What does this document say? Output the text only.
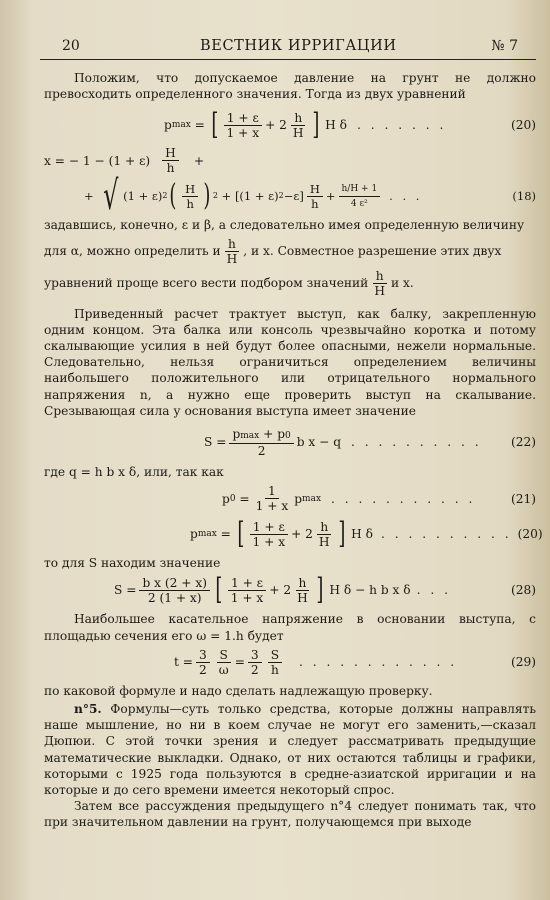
20	ВЕСТНИК ИРРИГАЦИИ	№ 7

Положим, что допускаемое давление на грунт не должно превосходить определенного значения. Тогда из двух уравнений

p max = [ $\frac{1 + \varepsilon}{1 + x} + 2 \frac{h}{H}$ ]
H δ . . . . . . .	(20)
x = − $1 - (1 + \varepsilon) \frac{H}{h}$ +
+ √ (1 + ε) 2 ( $\frac{H}{h}$ ) 2
+ [(1 + ε) $2 -\varepsilon] \frac{H}{h} + \frac{h/H + 1}{\text{4 ε²}}$ . . .	(18)

задавшись, конечно, ε и β, а следовательно имея определенную величину

для α, можно определить и $\frac{h}{H}$ , и x. Совместное разрешение этих двух
уравнений проще всего вести подбором значений $\frac{h}{H}$ и x.

Приведенный расчет трактует выступ, как балку, закрепленную одним концом. Эта балка или консоль чрезвычайно коротка и потому скалывающие усилия в ней будут более опасными, нежели нормальные. Следовательно, нельзя ограничиться определением величины наибольшего положительного или отрицательного нормального напряжения n, а нужно еще проверить выступ на скалывание. Срезывающая сила у основания выступа имеет значение

$S = \frac{pmax + p0}{2}$ b x − q . . . . . . . . . .	(22)

где q = h b x δ, или, так как

p 0
= $\frac{1}{1 + x}$ p max . . . . . . . . . . .	(21)
p max = [ $\frac{1 + \varepsilon}{1 + x} + 2 \frac{h}{H}$ ]
H δ . . . . . . . . . . (20)

то для S находим значение

$S = \frac{\text{b x (2 + x)}}{2 (1 + x)}$ [ $\frac{1 + \varepsilon}{1 + x} + 2 \frac{h}{H}$ ]
H δ − h b x δ . . .	(28)

Наибольшее касательное напряжение в основании выступа, с площадью сечения его ω = 1.h будет

$t = \frac{3}{2} \frac{S}{\omega} = \frac{3}{2} \frac{S}{h}$ . . . . . . . . . . . .	(29)

по каковой формуле и надо сделать надлежащую проверку.

n°5. Формулы—суть только средства, которые должны направлять наше мышление, но ни в коем случае не могут его заменить,—сказал Дюпюи. С этой точки зрения и следует рассматривать предыдущие математические выкладки. Однако, от них остаются таблицы и графики, которыми с 1925 года пользуются в средне-азиатской ирригации и на которые и до сего времени имеется некоторый спрос.

Затем все рассуждения предыдущего n°4 следует понимать так, что при значительном давлении на грунт, получающемся при выходе
